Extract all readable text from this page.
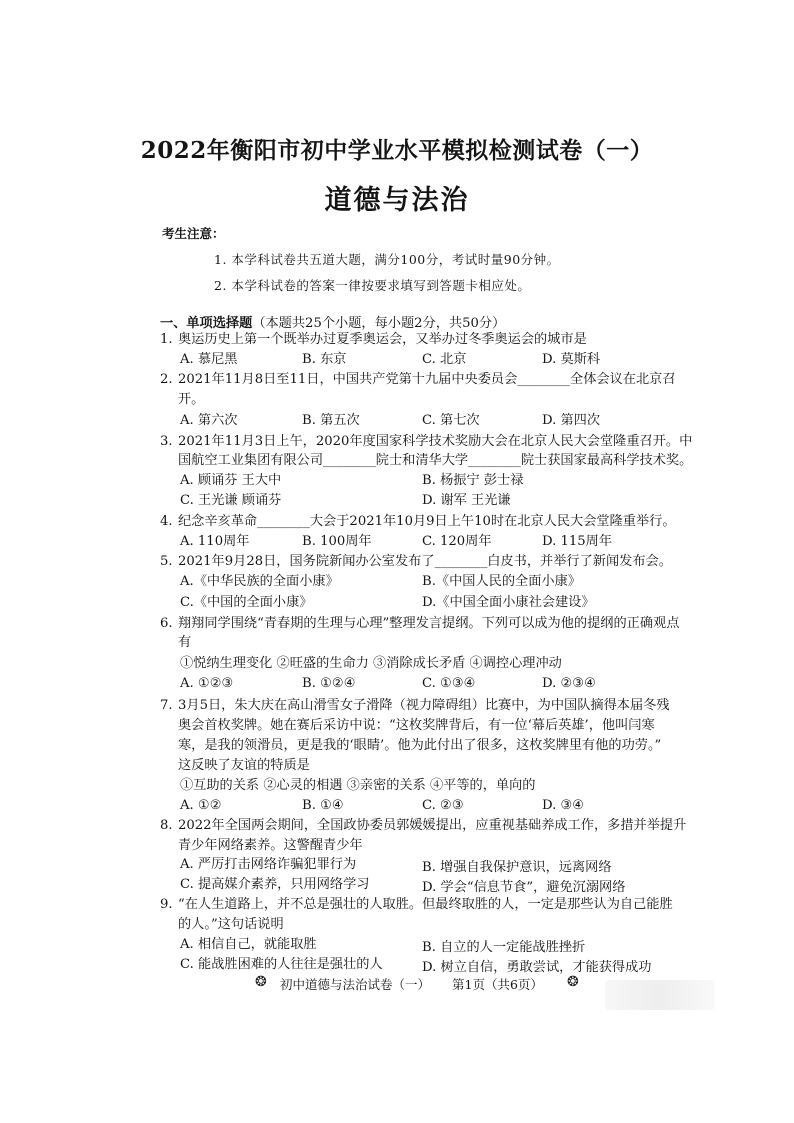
2022年衡阳市初中学业水平模拟检测试卷（一）
道德与法治
考生注意：
1. 本学科试卷共五道大题，满分100分，考试时量90分钟。
2. 本学科试卷的答案一律按要求填写到答题卡相应处。
一、单项选择题（本题共25个小题，每小题2分，共50分）
1. 奥运历史上第一个既举办过夏季奥运会，又举办过冬季奥运会的城市是
A. 慕尼黑	B. 东京	C. 北京	D. 莫斯科
2. 2021年11月8日至11日，中国共产党第十九届中央委员会________全体会议在北京召
开。
A. 第六次	B. 第五次	C. 第七次	D. 第四次
3. 2021年11月3日上午，2020年度国家科学技术奖励大会在北京人民大会堂隆重召开。中
国航空工业集团有限公司________院士和清华大学________院士获国家最高科学技术奖。
A. 顾诵芬 王大中	B. 杨振宁 彭士禄
C. 王光谦 顾诵芬	D. 谢军 王光谦
4. 纪念辛亥革命________大会于2021年10月9日上午10时在北京人民大会堂隆重举行。
A. 110周年	B. 100周年	C. 120周年	D. 115周年
5. 2021年9月28日，国务院新闻办公室发布了________白皮书，并举行了新闻发布会。
A.《中华民族的全面小康》	B.《中国人民的全面小康》
C.《中国的全面小康》	D.《中国全面小康社会建设》
6. 翔翔同学围绕“青春期的生理与心理”整理发言提纲。下列可以成为他的提纲的正确观点
有
①悦纳生理变化 ②旺盛的生命力 ③消除成长矛盾 ④调控心理冲动
A. ①②③	B. ①②④	C. ①③④	D. ②③④
7. 3月5日，朱大庆在高山滑雪女子滑降（视力障碍组）比赛中，为中国队摘得本届冬残
奥会首枚奖牌。她在赛后采访中说：“这枚奖牌背后，有一位‘幕后英雄’，他叫闫寒
寒，是我的领滑员，更是我的‘眼睛’。他为此付出了很多，这枚奖牌里有他的功劳。”
这反映了友谊的特质是
①互助的关系 ②心灵的相遇 ③亲密的关系 ④平等的，单向的
A. ①②	B. ①④	C. ②③	D. ③④
8. 2022年全国两会期间，全国政协委员郭媛媛提出，应重视基础养成工作，多措并举提升
青少年网络素养。这警醒青少年
A. 严厉打击网络诈骗犯罪行为	B. 增强自我保护意识，远离网络
C. 提高媒介素养，只用网络学习	D. 学会“信息节食”，避免沉溺网络
9. “在人生道路上，并不总是强壮的人取胜。但最终取胜的人，一定是那些认为自己能胜
的人。”这句话说明
A. 相信自己，就能取胜	B. 自立的人一定能战胜挫折
C. 能战胜困难的人往往是强壮的人	D. 树立自信，勇敢尝试，才能获得成功
❂ 初中道德与法治试卷（一） 第1页（共6页） ❂
